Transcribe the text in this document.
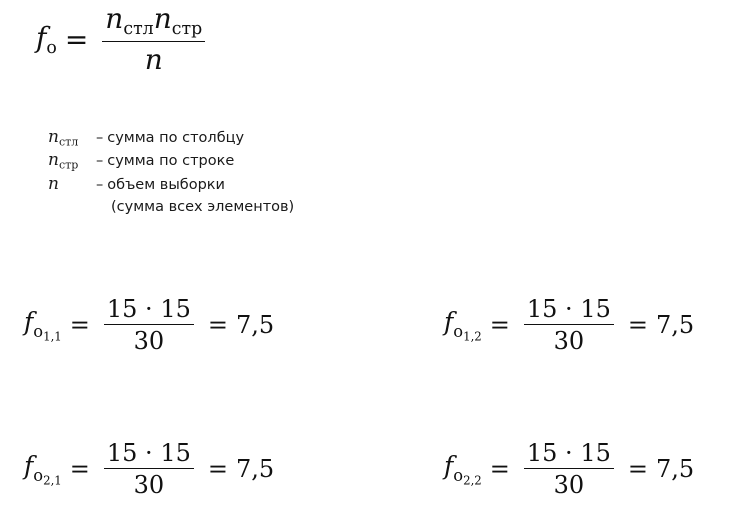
$f_o = \frac{n_{стл}n_{стр}}{n}$
$n_{стл}$	– сумма по столбцу
$n_{стр}$	– сумма по строке
n	– объем выборки
(сумма всех элементов)
$f_{o_{1,1}} = \frac{15 \cdot 15}{30} = 7,5$	$f_{o_{1,2}} = \frac{15 \cdot 15}{30} = 7,5$
$f_{o_{2,1}} = \frac{15 \cdot 15}{30} = 7,5$	$f_{o_{2,2}} = \frac{15 \cdot 15}{30} = 7,5$
